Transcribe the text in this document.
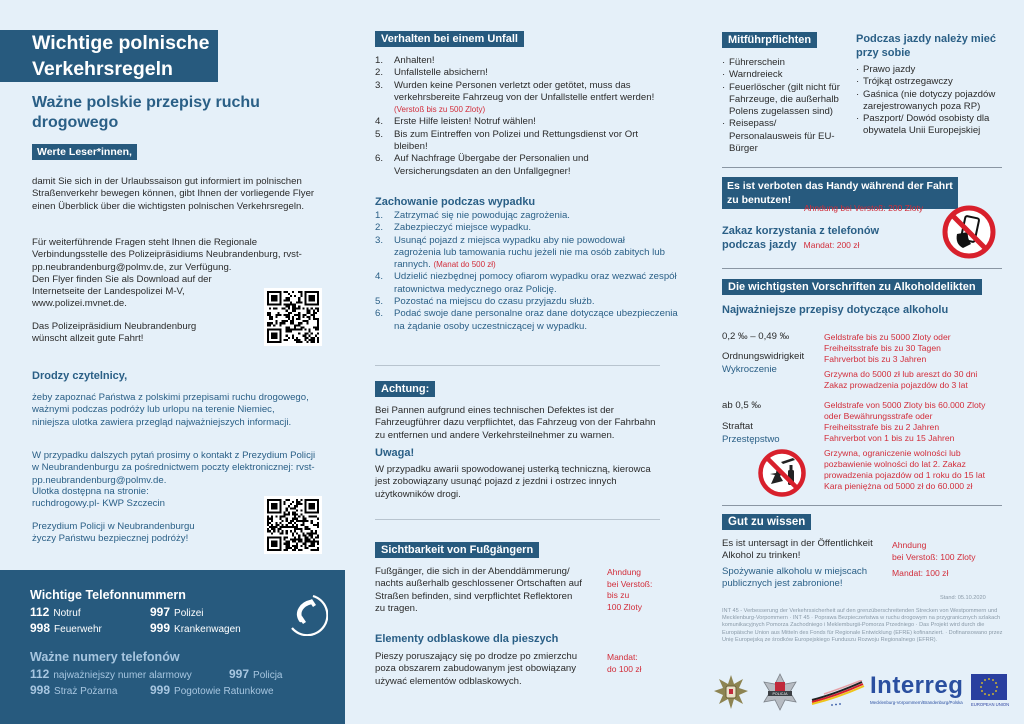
Wichtige polnische
Verkehrsregeln
Ważne polskie przepisy ruchu drogowego
Werte Leser*innen,
damit Sie sich in der Urlaubssaison gut informiert im polnischen Straßenverkehr bewegen können, gibt Ihnen der vorliegende Flyer einen Überblick über die wichtigsten polnischen Verkehrsregeln.
Für weiterführende Fragen steht Ihnen die Regionale Verbindungsstelle des Polizeipräsidiums Neubrandenburg, rvst-pp.neubrandenburg@polmv.de, zur Verfügung.
Den Flyer finden Sie als Download auf der
Internetseite der Landespolizei M-V,
www.polizei.mvnet.de.
Das Polizeipräsidium Neubrandenburg
wünscht allzeit gute Fahrt!
Drodzy czytelnicy,
żeby zapoznać Państwa z polskimi przepisami ruchu drogowego, ważnymi podczas podróży lub urlopu na terenie Niemiec, niniejsza ulotka zawiera przegląd najważniejszych informacji.
W przypadku dalszych pytań prosimy o kontakt z Prezydium Policji w Neubrandenburgu za pośrednictwem poczty elektronicznej: rvst-pp.neubrandenburg@polmv.de.
Ulotka dostępna na stronie:
ruchdrogowy.pl- KWP Szczecin
Prezydium Policji w Neubrandenburgu
życzy Państwu bezpiecznej podróży!
Wichtige Telefonnummern
112 Notruf	997 Polizei
998 Feuerwehr	999 Krankenwagen
Ważne numery telefonów
112 najważniejszy numer alarmowy	997 Policja
998 Straż Pożarna	999 Pogotowie Ratunkowe
Verhalten bei einem Unfall
1. Anhalten!
2. Unfallstelle absichern!
3. Wurden keine Personen verletzt oder getötet, muss das verkehrsbereite Fahrzeug von der Unfallstelle entfert werden!
(Verstoß bis zu 500 Zloty)
4. Erste Hilfe leisten! Notruf wählen!
5. Bis zum Eintreffen von Polizei und Rettungsdienst vor Ort bleiben!
6. Auf Nachfrage Übergabe der Personalien und Versicherungsdaten an den Unfallgegner!
Zachowanie podczas wypadku
1. Zatrzymać się nie powodując zagrożenia.
2. Zabezpieczyć miejsce wypadku.
3. Usunąć pojazd z miejsca wypadku aby nie powodował zagrożenia lub tamowania ruchu jeżeli nie ma osób zabitych lub rannych. (Manat do 500 zł)
4. Udzielić niezbędnej pomocy ofiarom wypadku oraz wezwać zespół ratownictwa medycznego oraz Policję.
5. Pozostać na miejscu do czasu przyjazdu służb.
6. Podać swoje dane personalne oraz dane dotyczące ubezpieczenia na żądanie osoby uczestniczącej w wypadku.
Achtung:
Bei Pannen aufgrund eines technischen Defektes ist der Fahrzeugführer dazu verpflichtet, das Fahrzeug von der Fahrbahn zu entfernen und andere Verkehrsteilnehmer zu warnen.
Uwaga!
W przypadku awarii spowodowanej usterką techniczną, kierowca jest zobowiązany usunąć pojazd z jezdni i ostrzec innych użytkowników drogi.
Sichtbarkeit von Fußgängern
Fußgänger, die sich in der Abenddämmerung/ nachts außerhalb geschlossener Ortschaften auf Straßen befinden, sind verpflichtet Reflektoren zu tragen.
Ahndung
bei Verstoß:
bis zu
100 Zloty
Elementy odblaskowe dla pieszych
Pieszy poruszający się po drodze po zmierzchu poza obszarem zabudowanym jest obowiązany używać elementów odblaskowych.
Mandat:
do 100 zł
Mitführpflichten
· Führerschein
· Warndreieck
· Feuerlöscher (gilt nicht für Fahrzeuge, die außerhalb Polens zugelassen sind)
· Reisepass/ Personalausweis für EU-Bürger
Podczas jazdy należy mieć przy sobie
· Prawo jazdy
· Trójkąt ostrzegawczy
· Gaśnica (nie dotyczy pojazdów zarejestrowanych poza RP)
· Paszport/ Dowód osobisty dla obywatela Unii Europejskiej
Es ist verboten das Handy während der Fahrt
zu benutzen!
Ahndung bei Verstoß: 200 Zloty
Zakaz korzystania z telefonów
podczas jazdy Mandat: 200 zł
Die wichtigsten Vorschriften zu Alkoholdelikten
Najważniejsze przepisy dotyczące alkoholu
0,2 ‰ – 0,49 ‰
Ordnungswidrigkeit
Wykroczenie
Geldstrafe bis zu 5000 Zloty oder
Freiheitsstrafe bis zu 30 Tagen
Fahrverbot bis zu 3 Jahren
Grzywna do 5000 zł lub areszt do 30 dni
Zakaz prowadzenia pojazdów do 3 lat
ab 0,5 ‰
Straftat
Przestępstwo
Geldstrafe von 5000 Zloty bis 60.000 Zloty
oder Bewährungsstrafe oder
Freiheitsstrafe bis zu 2 Jahren
Fahrverbot von 1 bis zu 15 Jahren
Grzywna, ograniczenie wolności lub
pozbawienie wolności do lat 2. Zakaz
prowadzenia pojazdów od 1 roku do 15 lat
Kara pieniężna od 5000 zł do 60.000 zł
Gut zu wissen
Es ist untersagt in der Öffentlichkeit
Alkohol zu trinken!
Ahndung
bei Verstoß: 100 Zloty
Spożywanie alkoholu w miejscach
publicznych jest zabronione!
Mandat: 100 zł
Stand: 05.10.2020
INT 45 - Verbesserung der Verkehrssicherheit auf den grenzüberschreitenden Strecken von Westpommern und Mecklenburg-Vorpommern · INT 45 · Poprawa Bezpieczeństwa w ruchu drogowym na przygranicznych szlakach komunikacyjnych Pomorza Zachodniego i Meklemburgii-Pomorza Przedniego · Das Projekt wird durch die Europäische Union aus Mitteln des Fonds für Regionale Entwicklung (EFRE) kofinanziert. · Dofinansowano przez Unię Europejską ze środków Europejskiego Funduszu Rozwoju Regionalnego (EFRR).
POLICJA	Interreg
Mecklenburg-Vorpommern/Brandenburg/Polska EUROPEAN UNION
